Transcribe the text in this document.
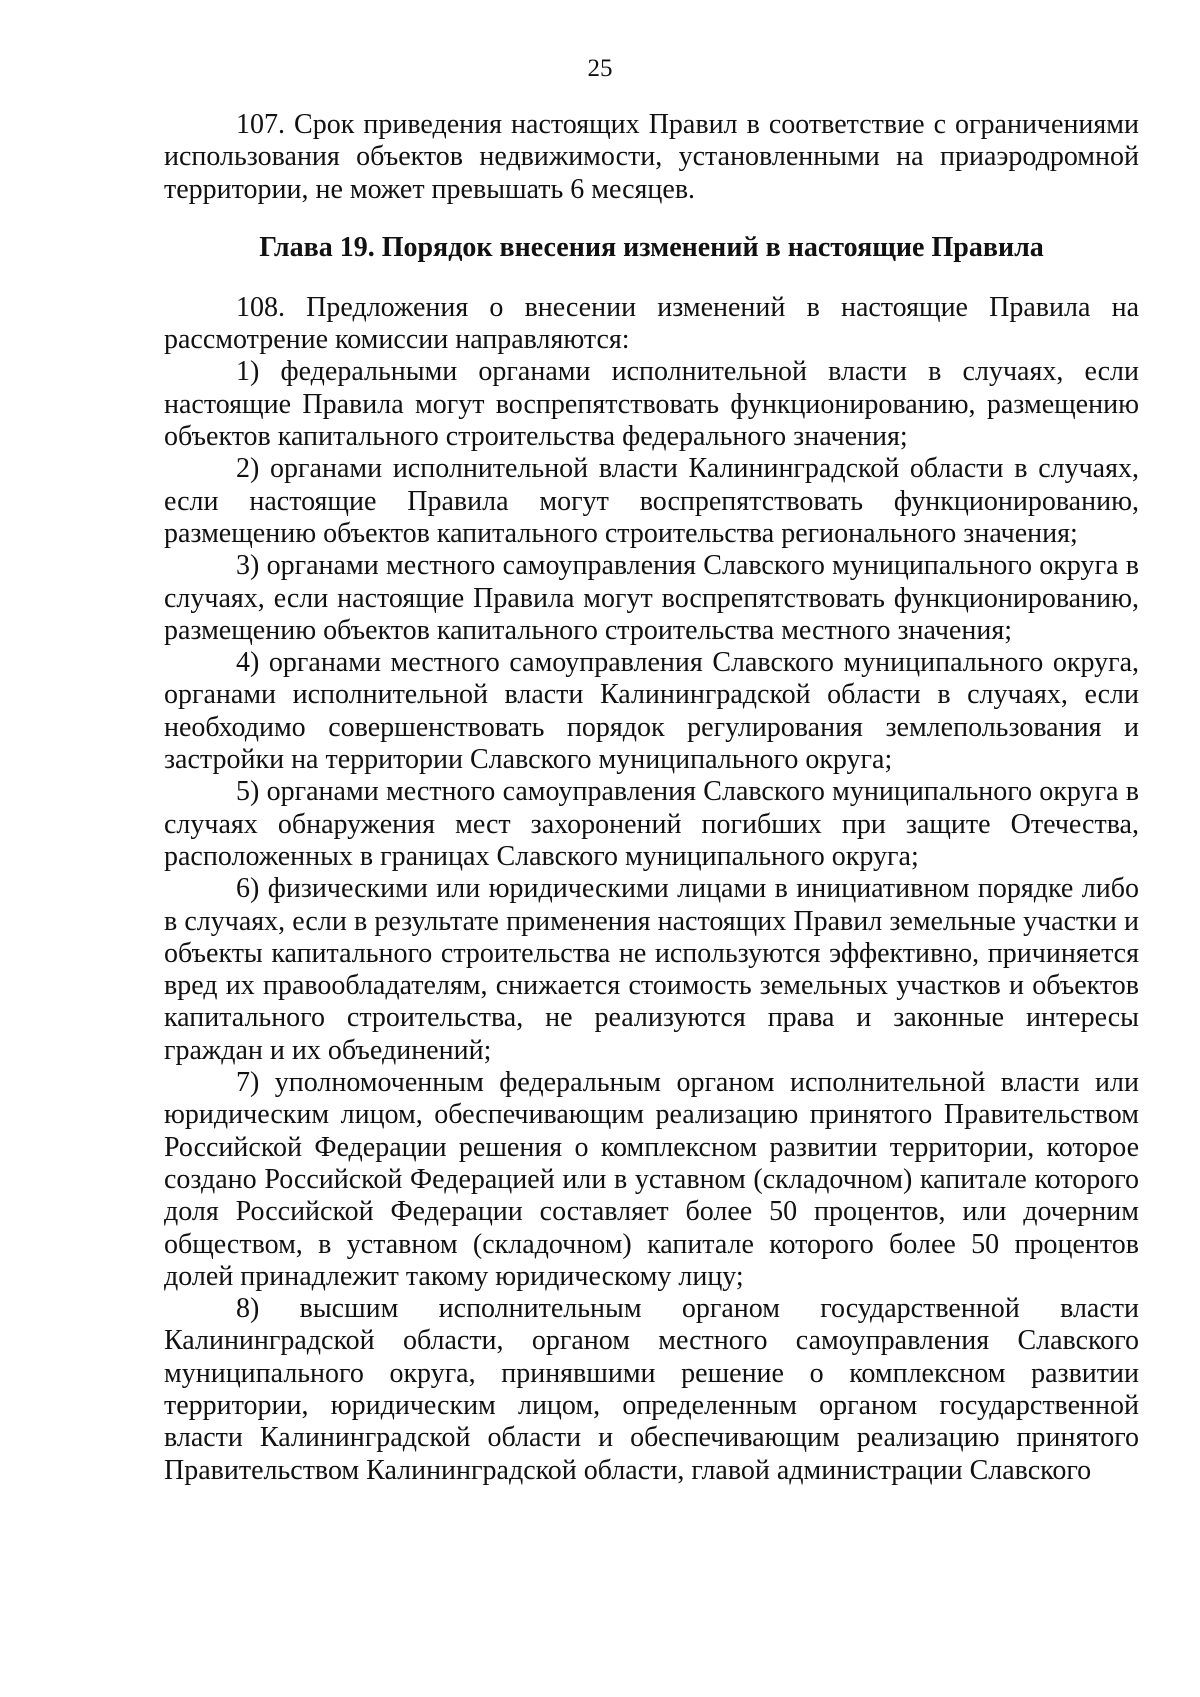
25

107. Срок приведения настоящих Правил в соответствие с ограничениями использования объектов недвижимости, установленными на приаэродромной территории, не может превышать 6 месяцев.

Глава 19. Порядок внесения изменений в настоящие Правила

108. Предложения о внесении изменений в настоящие Правила на рассмотрение комиссии направляются:

1) федеральными органами исполнительной власти в случаях, если настоящие Правила могут воспрепятствовать функционированию, размещению объектов капитального строительства федерального значения;

2) органами исполнительной власти Калининградской области в случаях, если настоящие Правила могут воспрепятствовать функционированию, размещению объектов капитального строительства регионального значения;

3) органами местного самоуправления Славского муниципального округа в случаях, если настоящие Правила могут воспрепятствовать функционированию, размещению объектов капитального строительства местного значения;

4) органами местного самоуправления Славского муниципального округа, органами исполнительной власти Калининградской области в случаях, если необходимо совершенствовать порядок регулирования землепользования и застройки на территории Славского муниципального округа;

5) органами местного самоуправления Славского муниципального округа в случаях обнаружения мест захоронений погибших при защите Отечества, расположенных в границах Славского муниципального округа;

6) физическими или юридическими лицами в инициативном порядке либо в случаях, если в результате применения настоящих Правил земельные участки и объекты капитального строительства не используются эффективно, причиняется вред их правообладателям, снижается стоимость земельных участков и объектов капитального строительства, не реализуются права и законные интересы граждан и их объединений;

7) уполномоченным федеральным органом исполнительной власти или юридическим лицом, обеспечивающим реализацию принятого Правительством Российской Федерации решения о комплексном развитии территории, которое создано Российской Федерацией или в уставном (складочном) капитале которого доля Российской Федерации составляет более 50 процентов, или дочерним обществом, в уставном (складочном) капитале которого более 50 процентов долей принадлежит такому юридическому лицу;

8) высшим исполнительным органом государственной власти Калининградской области, органом местного самоуправления Славского муниципального округа, принявшими решение о комплексном развитии территории, юридическим лицом, определенным органом государственной власти Калининградской области и обеспечивающим реализацию принятого Правительством Калининградской области, главой администрации Славского
